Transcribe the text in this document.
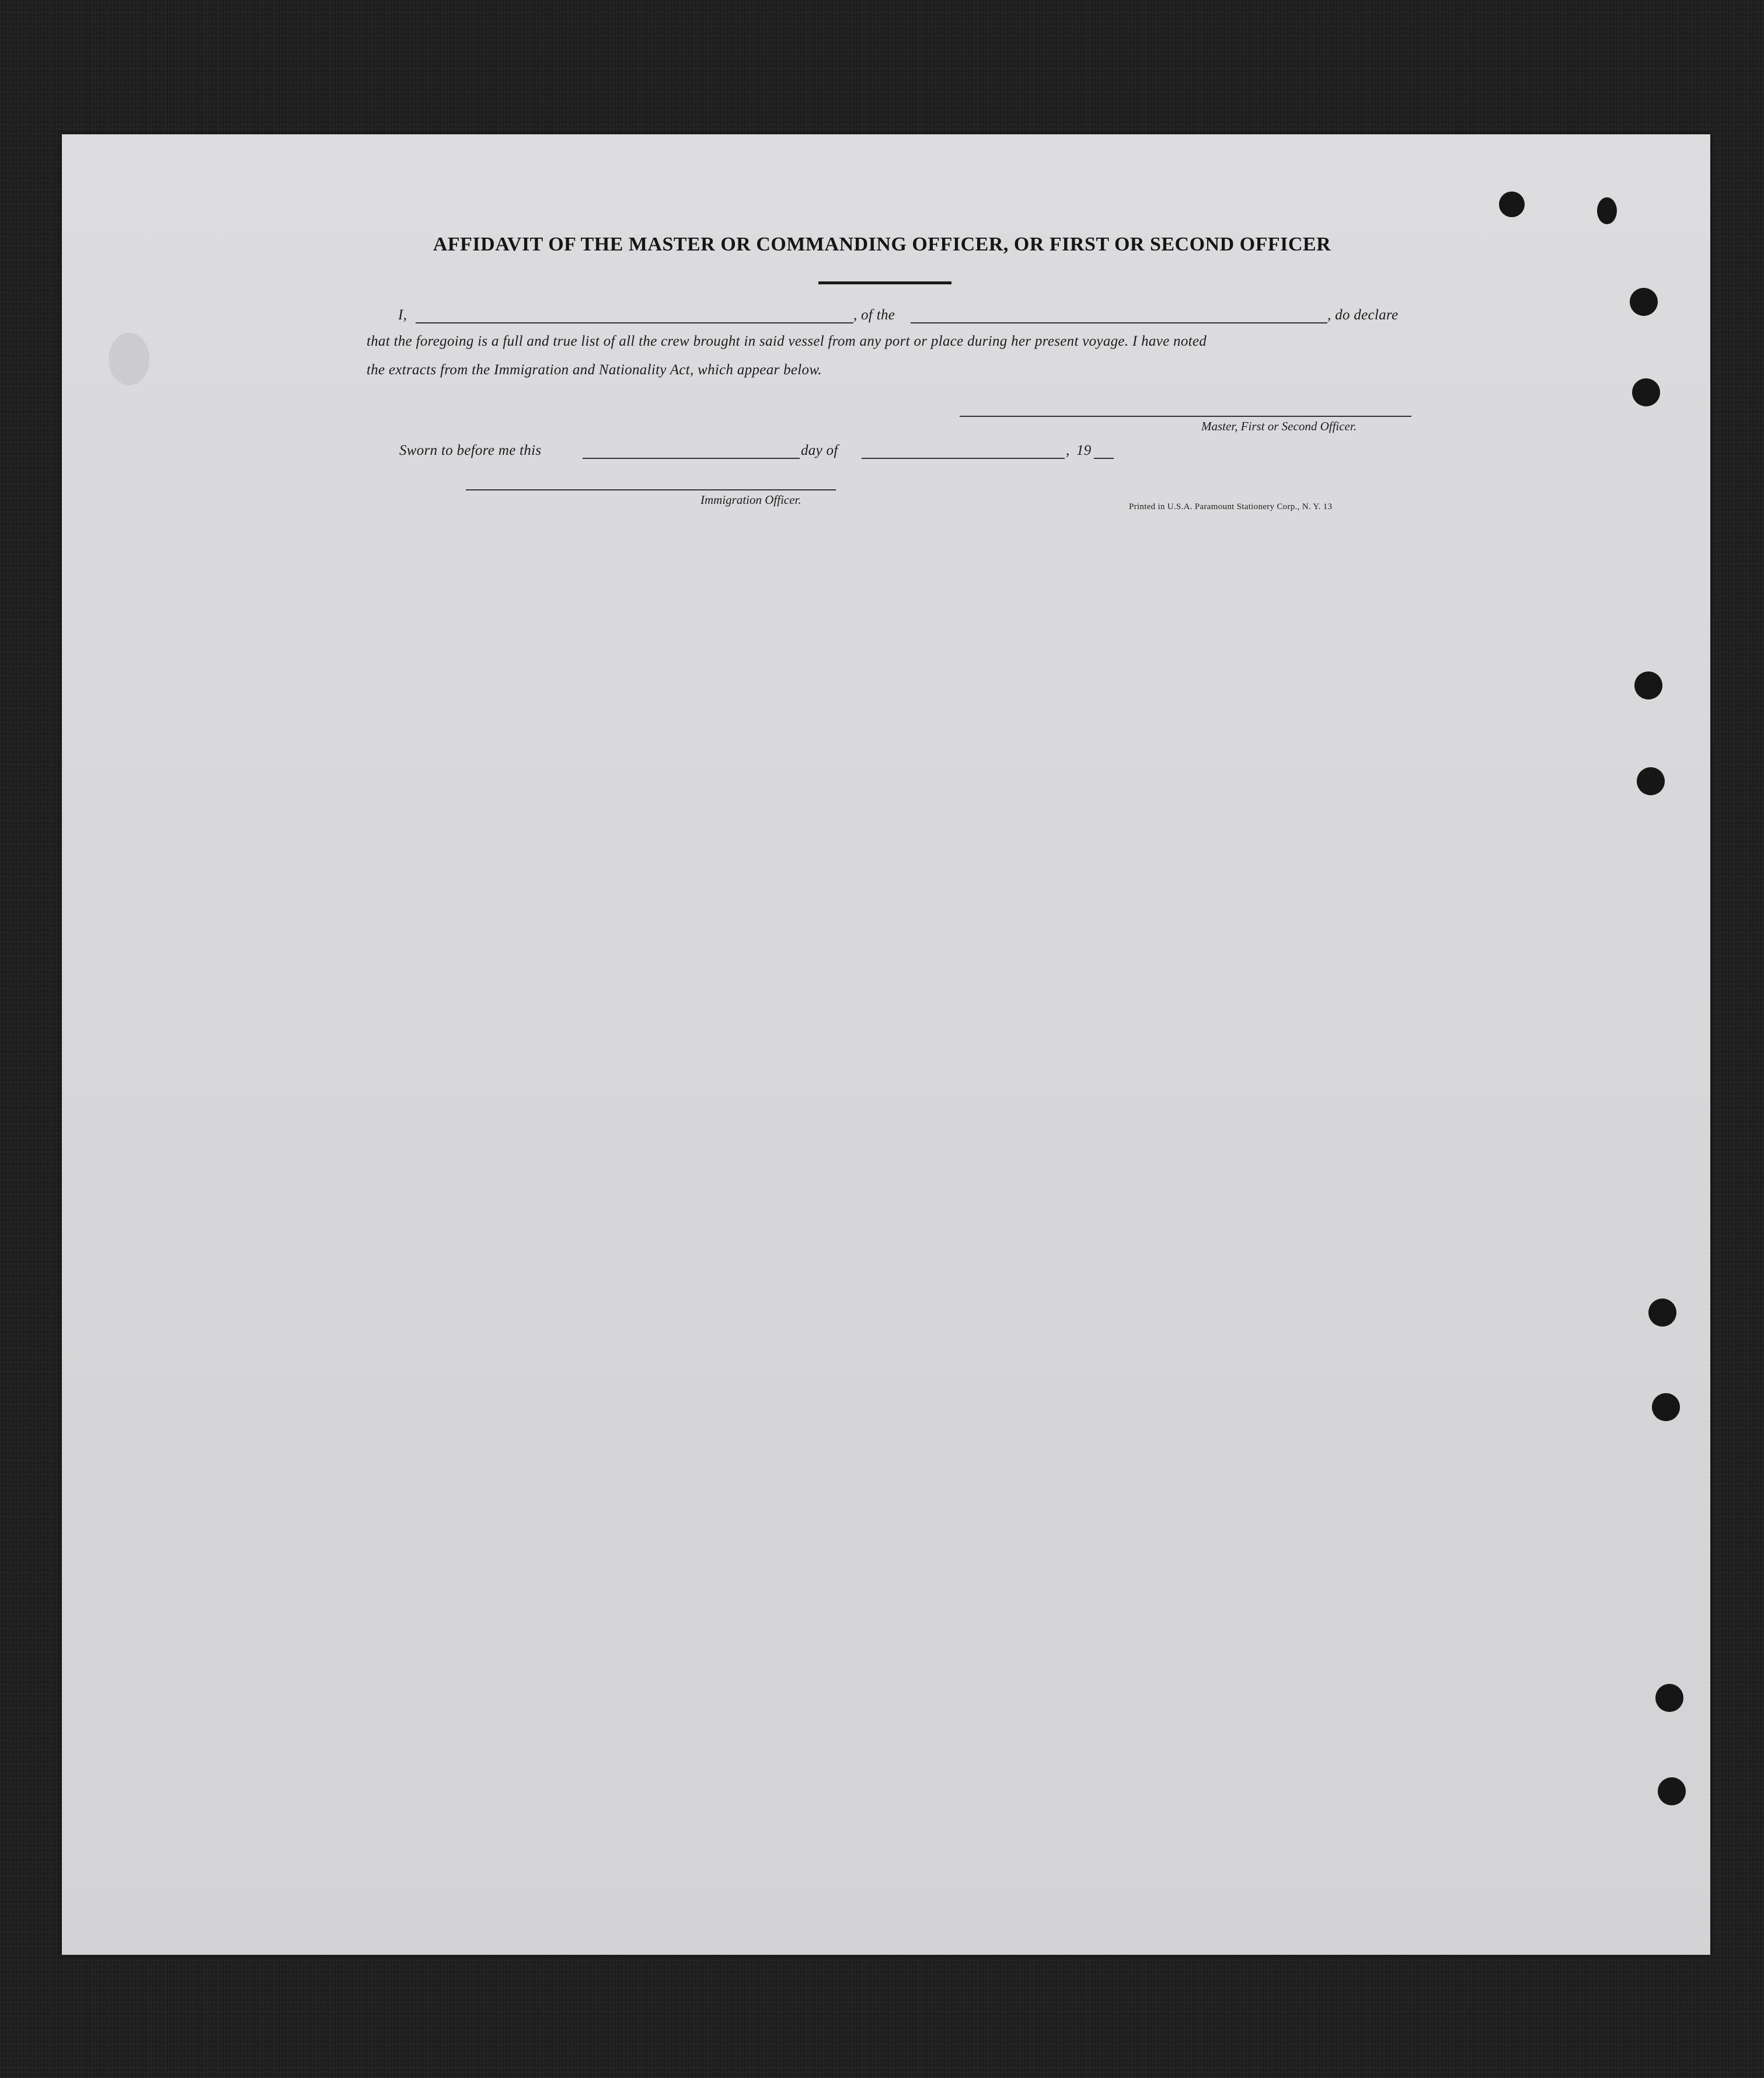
AFFIDAVIT OF THE MASTER OR COMMANDING OFFICER, OR FIRST OR SECOND OFFICER
I,	, of the	, do declare
that the foregoing is a full and true list of all the crew brought in said vessel from any port or place during her present voyage. I have noted
the extracts from the Immigration and Nationality Act, which appear below.
Master, First or Second Officer.
Sworn to before me this	day of	, 19
Immigration Officer.	Printed in U.S.A. Paramount Stationery Corp., N. Y. 13
